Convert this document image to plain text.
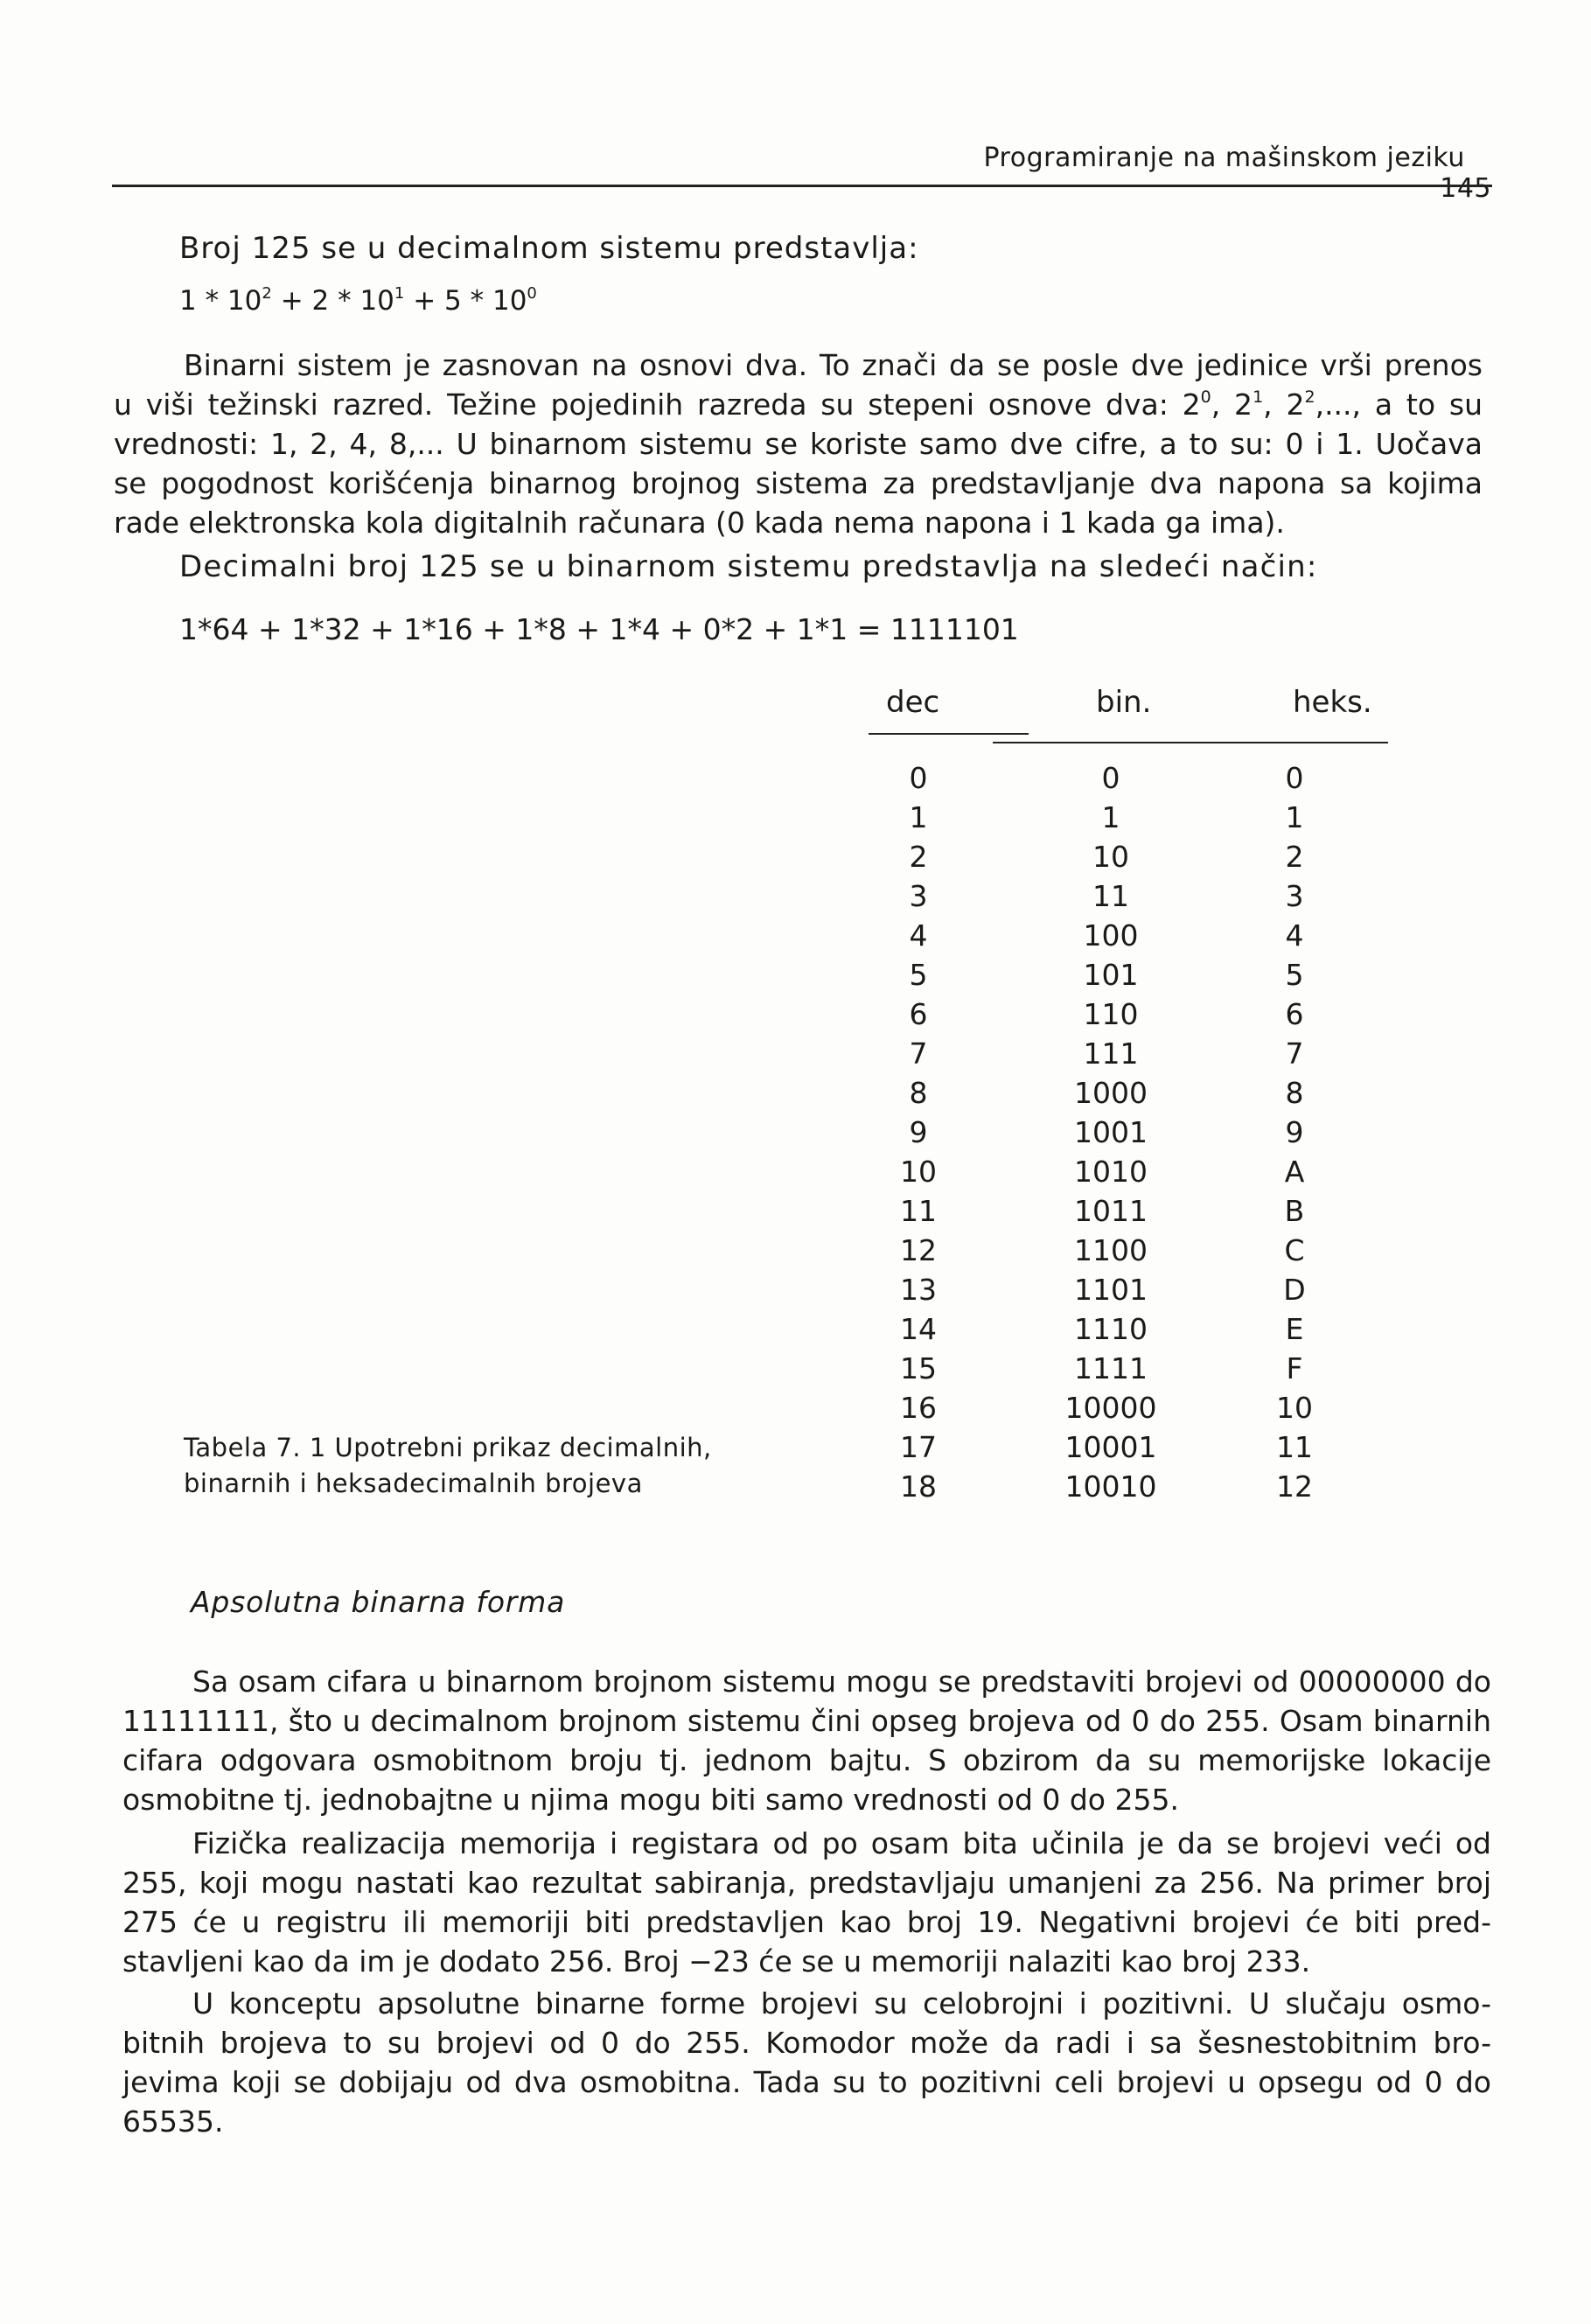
Programiranje na mašinskom jeziku    145

Broj 125 se u decimalnom sistemu predstavlja:

$1 * 10^2 + 2 * 10^1 + 5 * 10^0$

Binarni sistem je zasnovan na osnovi dva. To znači da se posle dve jedinice vrši prenos
u viši težinski razred. Težine pojedinih razreda su stepeni osnove dva: $2^0$, $2^1$, $2^2$,..., a to su
vrednosti: 1, 2, 4, 8,... U binarnom sistemu se koriste samo dve cifre, a to su: 0 i 1. Uočava
se pogodnost korišćenja binarnog brojnog sistema za predstavljanje dva napona sa kojima
rade elektronska kola digitalnih računara (0 kada nema napona i 1 kada ga ima).

Decimalni broj 125 se u binarnom sistemu predstavlja na sledeći način:

1*64 + 1*32 + 1*16 + 1*8 + 1*4 + 0*2 + 1*1 = 1111101

dec	bin.	heks.
0	0	0
1	1	1
2	10	2
3	11	3
4	100	4
5	101	5
6	110	6
7	111	7
8	1000	8
9	1001	9
10	1010	A
11	1011	B
12	1100	C
13	1101	D
14	1110	E
15	1111	F
16	10000	10
17	10001	11
18	10010	12
Tabela 7. 1 Upotrebni prikaz decimalnih,
binarnih i heksadecimalnih brojeva
Apsolutna binarna forma
Sa osam cifara u binarnom brojnom sistemu mogu se predstaviti brojevi od 00000000 do
11111111, što u decimalnom brojnom sistemu čini opseg brojeva od 0 do 255. Osam binarnih
cifara odgovara osmobitnom broju tj. jednom bajtu. S obzirom da su memorijske lokacije
osmobitne tj. jednobajtne u njima mogu biti samo vrednosti od 0 do 255.
Fizička realizacija memorija i registara od po osam bita učinila je da se brojevi veći od
255, koji mogu nastati kao rezultat sabiranja, predstavljaju umanjeni za 256. Na primer broj
275 će u registru ili memoriji biti predstavljen kao broj 19. Negativni brojevi će biti pred-
stavljeni kao da im je dodato 256. Broj −23 će se u memoriji nalaziti kao broj 233.
U konceptu apsolutne binarne forme brojevi su celobrojni i pozitivni. U slučaju osmo-
bitnih brojeva to su brojevi od 0 do 255. Komodor može da radi i sa šesnestobitnim bro-
jevima koji se dobijaju od dva osmobitna. Tada su to pozitivni celi brojevi u opsegu od 0 do
65535.
